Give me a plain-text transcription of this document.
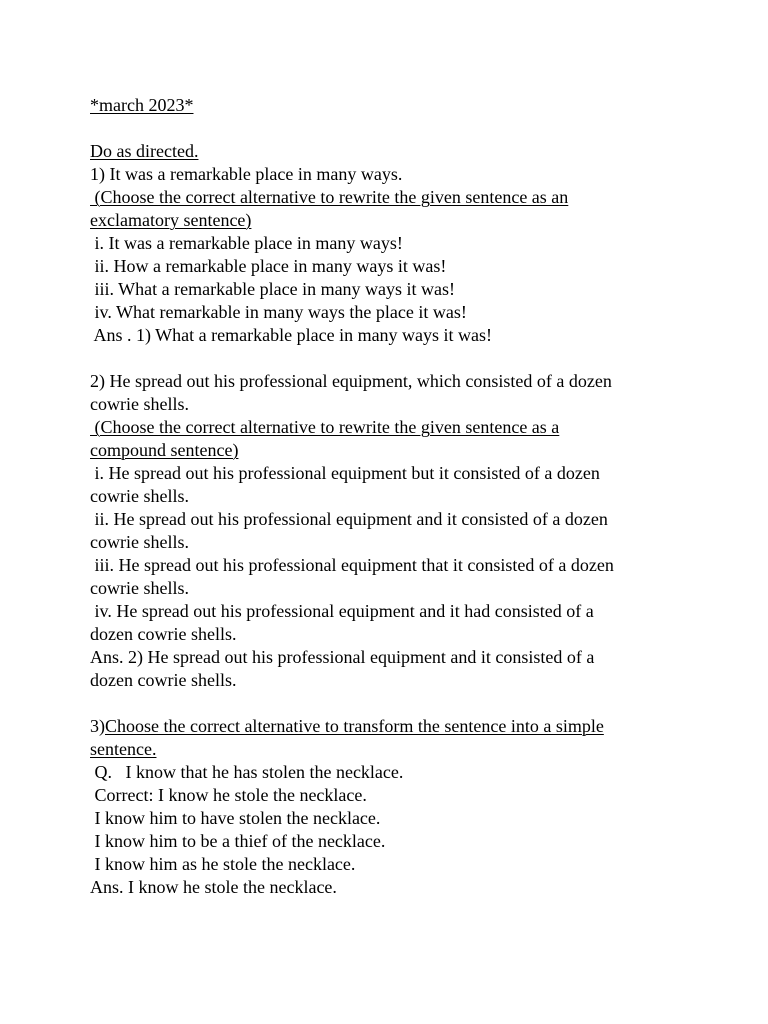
*march 2023*
Do as directed.
1) It was a remarkable place in many ways.
(Choose the correct alternative to rewrite the given sentence as an
exclamatory sentence)
i. It was a remarkable place in many ways!
ii. How a remarkable place in many ways it was!
iii. What a remarkable place in many ways it was!
iv. What remarkable in many ways the place it was!
Ans . 1) What a remarkable place in many ways it was!
2) He spread out his professional equipment, which consisted of a dozen
cowrie shells.
(Choose the correct alternative to rewrite the given sentence as a
compound sentence)
i. He spread out his professional equipment but it consisted of a dozen
cowrie shells.
ii. He spread out his professional equipment and it consisted of a dozen
cowrie shells.
iii. He spread out his professional equipment that it consisted of a dozen
cowrie shells.
iv. He spread out his professional equipment and it had consisted of a
dozen cowrie shells.
Ans. 2) He spread out his professional equipment and it consisted of a
dozen cowrie shells.
3)Choose the correct alternative to transform the sentence into a simple
sentence.
Q.   I know that he has stolen the necklace.
Correct: I know he stole the necklace.
I know him to have stolen the necklace.
I know him to be a thief of the necklace.
I know him as he stole the necklace.
Ans. I know he stole the necklace.
